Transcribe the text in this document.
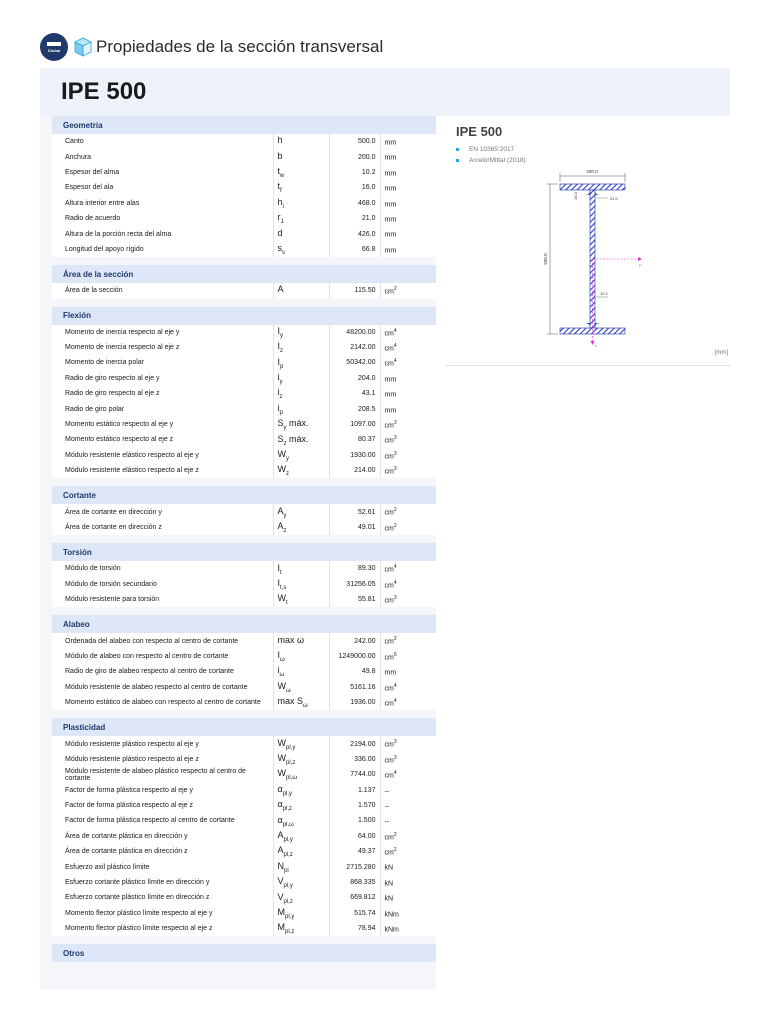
Dlubal Propiedades de la sección transversal
IPE 500
Geometría			
Canto	h	500.0	mm
Anchura	b	200.0	mm
Espesor del alma	$t_w$	10.2	mm
Espesor del ala	$t_f$	16.0	mm
Altura interior entre alas	$h_i$	468.0	mm
Radio de acuerdo	$r_1$	21.0	mm
Altura de la porción recta del alma	d	426.0	mm
Longitud del apoyo rígido	$s_s$	66.8	mm

Área de la sección			
Área de la sección	A	115.50	$cm^2$

Flexión			
Momento de inercia respecto al eje y	$I_y$	48200.00	$cm^4$
Momento de inercia respecto al eje z	$I_z$	2142.00	$cm^4$
Momento de inercia polar	$I_p$	50342.00	$cm^4$
Radio de giro respecto al eje y	$i_y$	204.0	mm
Radio de giro respecto al eje z	$i_z$	43.1	mm
Radio de giro polar	$i_p$	208.5	mm
Momento estático respecto al eje y	$S_y$ máx.	1097.00	$cm^3$
Momento estático respecto al eje z	$S_z$ máx.	80.37	$cm^3$
Módulo resistente elástico respecto al eje y	$W_y$	1930.00	$cm^3$
Módulo resistente elástico respecto al eje z	$W_z$	214.00	$cm^3$

Cortante			
Área de cortante en dirección y	$A_y$	52.61	$cm^2$
Área de cortante en dirección z	$A_z$	49.01	$cm^2$

Torsión			
Módulo de torsión	$I_t$	89.30	$cm^4$
Módulo de torsión secundario	$I_{t,s}$	31256.05	$cm^4$
Módulo resistente para torsión	$W_t$	55.81	$cm^3$

Alabeo			
Ordenada del alabeo con respecto al centro de cortante	max ω	242.00	$cm^2$
Módulo de alabeo con respecto al centro de cortante	$I_\omega$	1249000.00	$cm^6$
Radio de giro de alabeo respecto al centro de cortante	$i_\omega$	49.8	mm
Módulo resistente de alabeo respecto al centro de cortante	$W_\omega$	5161.16	$cm^4$
Momento estático de alabeo con respecto al centro de cortante	$\max S_\omega$	1936.00	$cm^4$

Plasticidad			
Módulo resistente plástico respecto al eje y	$W_{pl,y}$	2194.00	$cm^3$
Módulo resistente plástico respecto al eje z	$W_{pl,z}$	336.00	$cm^3$
Módulo resistente de alabeo plástico respecto al centro de cortante	$W_{pl,\omega}$	7744.00	$cm^4$
Factor de forma plástica respecto al eje y	$\alpha_{pl,y}$	1.137	--
Factor de forma plástica respecto al eje z	$\alpha_{pl,z}$	1.570	--
Factor de forma plástica respecto al centro de cortante	$\alpha_{pl,\omega}$	1.500	--
Área de cortante plástica en dirección y	$A_{pl,y}$	64.00	$cm^2$
Área de cortante plástica en dirección z	$A_{pl,z}$	49.37	$cm^2$
Esfuerzo axil plástico límite	$N_{pl}$	2715.280	kN
Esfuerzo cortante plástico límite en dirección y	$V_{pl,y}$	868.335	kN
Esfuerzo cortante plástico límite en dirección z	$V_{pl,z}$	669.812	kN
Momento flector plástico límite respecto al eje y	$M_{pl,y}$	515.74	kNm
Momento flector plástico límite respecto al eje z	$M_{pl,z}$	78.94	kNm

Otros			
IPE 500
EN 10365:2017
ArcelorMittal (2018)
200.0
500.0
16.0	21.0
10.2
y
z
[mm]
